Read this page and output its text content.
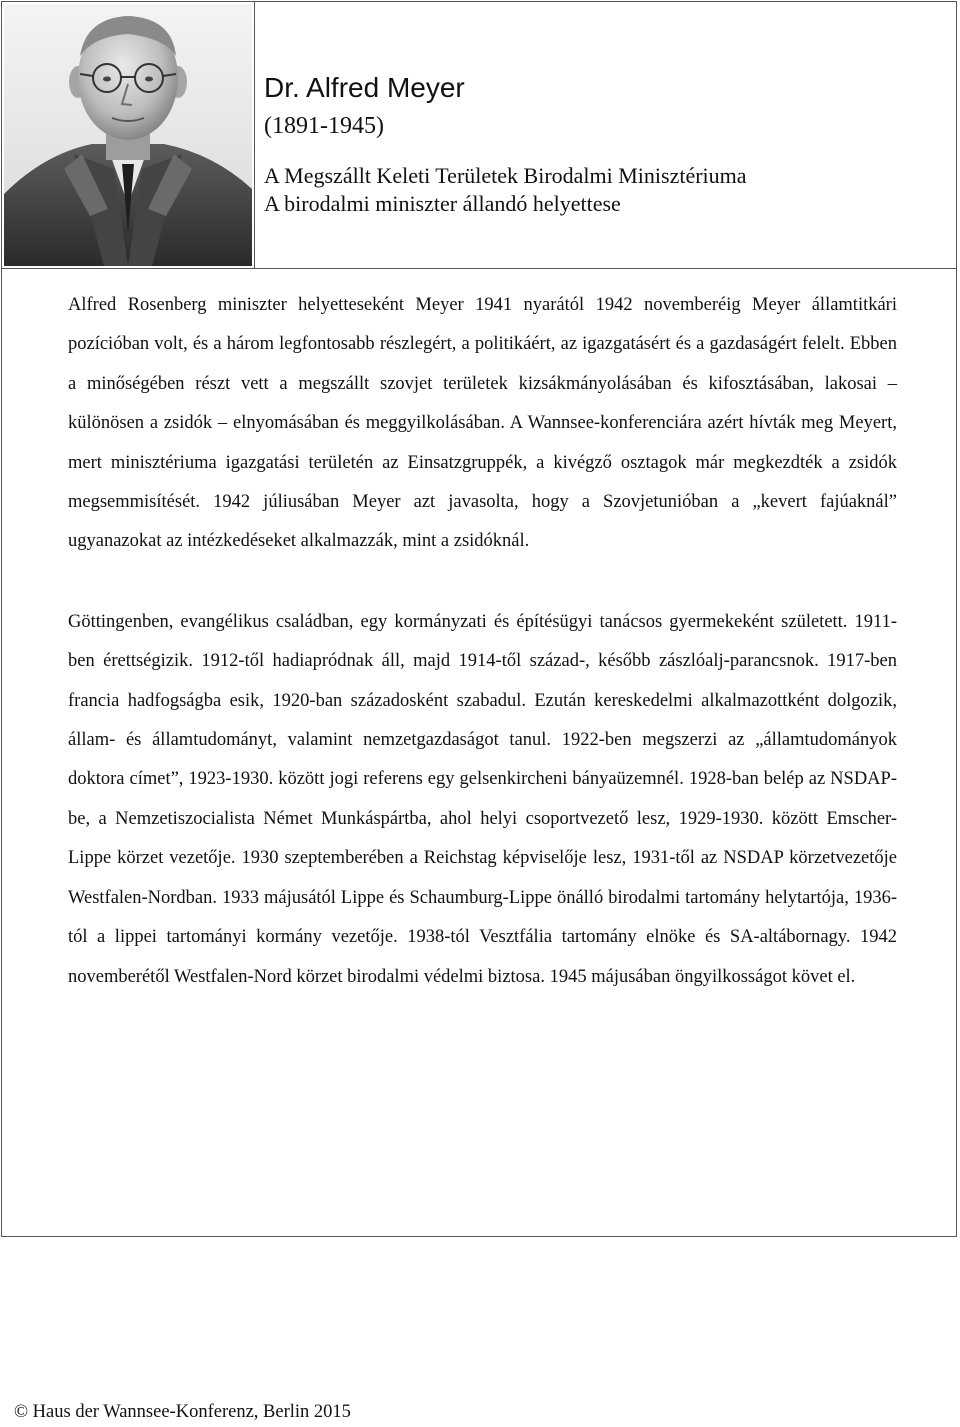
Dr. Alfred Meyer
(1891-1945)
A Megszállt Keleti Területek Birodalmi Minisztériuma
A birodalmi miniszter állandó helyettese

Alfred Rosenberg miniszter helyetteseként Meyer 1941 nyarától 1942 novemberéig Meyer államtitkári pozícióban volt, és a három legfontosabb részlegért, a politikáért, az igazgatásért és a gazdaságért felelt. Ebben a minőségében részt vett a megszállt szovjet területek kizsákmányolásában és kifosztásában, lakosai – különösen a zsidók – elnyomásában és meggyilkolásában. A Wannsee-konferenciára azért hívták meg Meyert, mert minisztériuma igazgatási területén az Einsatzgruppék, a kivégző osztagok már megkezdték a zsidók megsemmisítését. 1942 júliusában Meyer azt javasolta, hogy a Szovjetunióban a „kevert fajúaknál” ugyanazokat az intézkedéseket alkalmazzák, mint a zsidóknál.

Göttingenben, evangélikus családban, egy kormányzati és építésügyi tanácsos gyermekeként született. 1911-ben érettségizik. 1912-től hadiapródnak áll, majd 1914-től század-, később zászlóalj-parancsnok. 1917-ben francia hadfogságba esik, 1920-ban századosként szabadul. Ezután kereskedelmi alkalmazottként dolgozik, állam- és államtudományt, valamint nemzetgazdaságot tanul. 1922-ben megszerzi az „államtudományok doktora címet”, 1923-1930. között jogi referens egy gelsenkircheni bányaüzemnél. 1928-ban belép az NSDAP-be, a Nemzetiszocialista Német Munkáspártba, ahol helyi csoportvezető lesz, 1929-1930. között Emscher-Lippe körzet vezetője. 1930 szeptemberében a Reichstag képviselője lesz, 1931-től az NSDAP körzetvezetője Westfalen-Nordban. 1933 májusától Lippe és Schaumburg-Lippe önálló birodalmi tartomány helytartója, 1936-tól a lippei tartományi kormány vezetője. 1938-tól Vesztfália tartomány elnöke és SA-altábornagy. 1942 novemberétől Westfalen-Nord körzet birodalmi védelmi biztosa. 1945 májusában öngyilkosságot követ el.

© Haus der Wannsee-Konferenz, Berlin 2015
